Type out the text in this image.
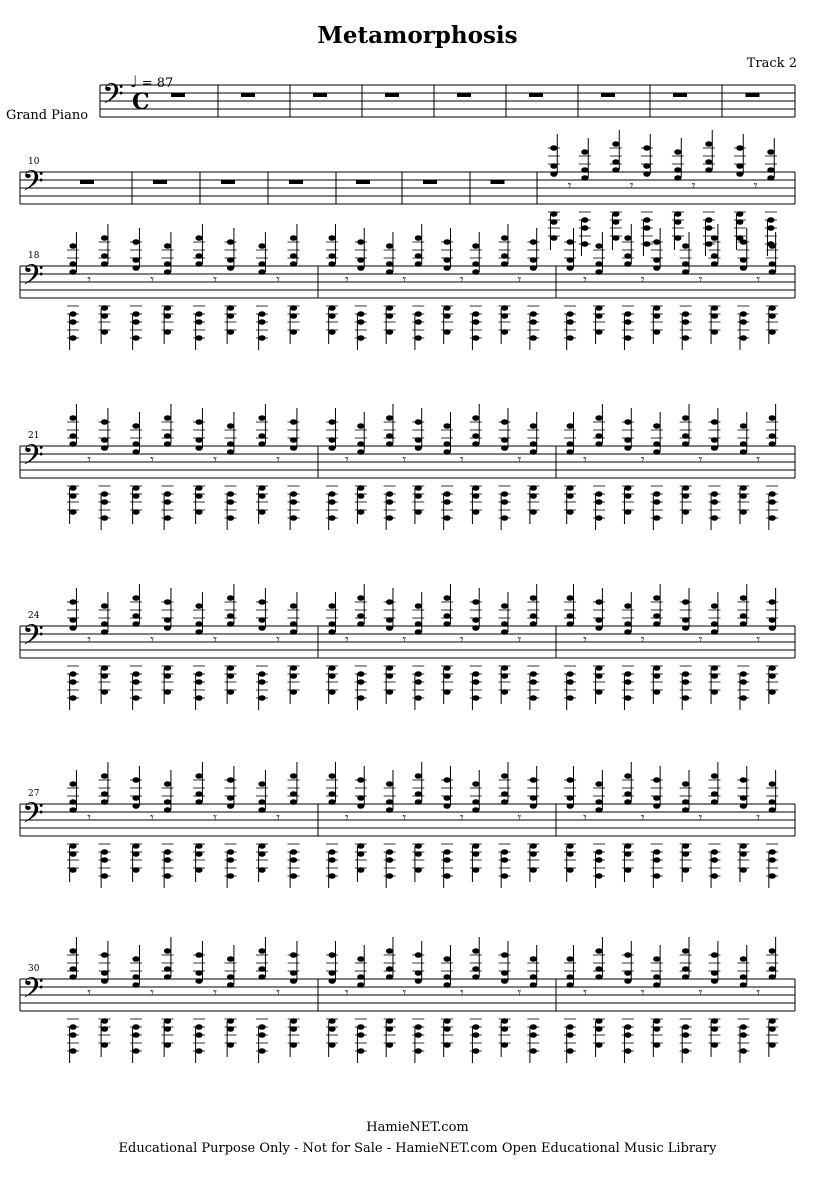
Metamorphosis
Track 2
♩ = 87
Grand Piano 𝄢 C
𝄢
10
𝄾	𝄾	𝄾	𝄾
𝄢
18
𝄾	𝄾	𝄾	𝄾	𝄾	𝄾	𝄾	𝄾	𝄾	𝄾	𝄾	𝄾
𝄢
21
𝄾	𝄾	𝄾	𝄾	𝄾	𝄾	𝄾	𝄾	𝄾	𝄾	𝄾	𝄾
𝄢
24
𝄾	𝄾	𝄾	𝄾	𝄾	𝄾	𝄾	𝄾	𝄾	𝄾	𝄾	𝄾
𝄢
27
𝄾	𝄾	𝄾	𝄾	𝄾	𝄾	𝄾	𝄾	𝄾	𝄾	𝄾	𝄾
𝄢
30
𝄾	𝄾	𝄾	𝄾	𝄾	𝄾	𝄾	𝄾	𝄾	𝄾	𝄾	𝄾
HamieNET.com
Educational Purpose Only - Not for Sale - HamieNET.com Open Educational Music Library
